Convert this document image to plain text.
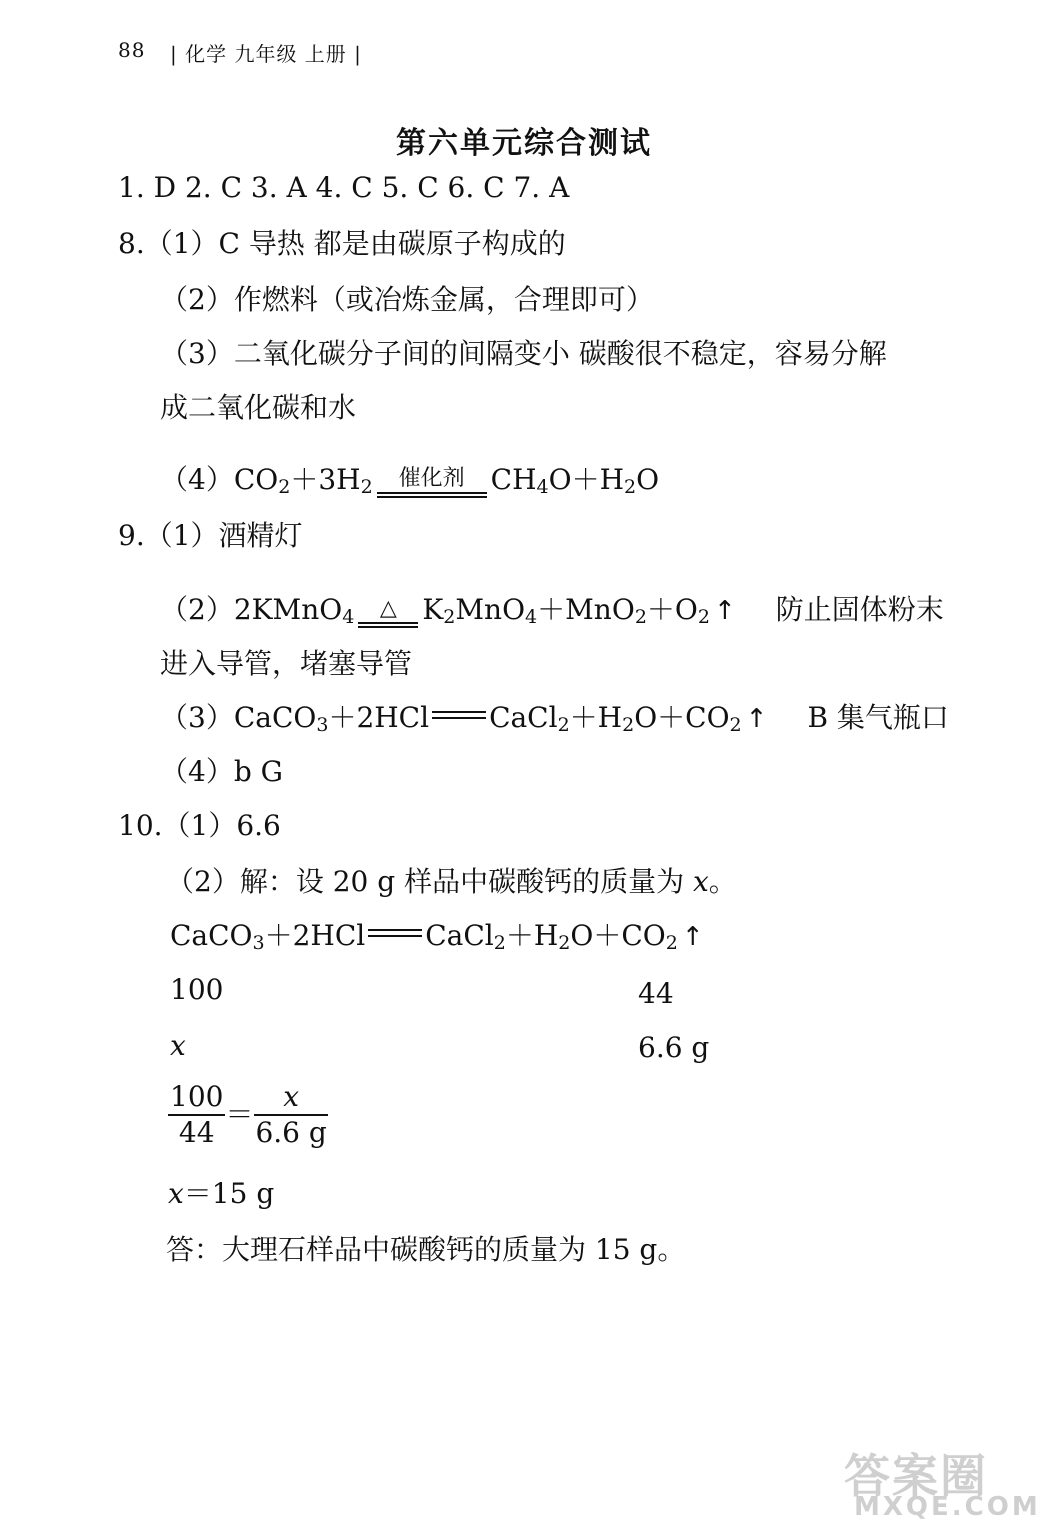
88 | 化学 九年级 上册 |
第六单元综合测试
1. D 2. C 3. A 4. C 5. C 6. C 7. A
8.（1）C 导热 都是由碳原子构成的
（2）作燃料（或冶炼金属，合理即可）
（3）二氧化碳分子间的间隔变小 碳酸很不稳定，容易分解
成二氧化碳和水
$(4)CO_2+3H_2$ 催化剂 $CH_4O+H_2O$
9.（1）酒精灯
（2）2KMnO$_4$ △ $K_2MnO_4+MnO_2+O_2$ ↑ 防止固体粉末
进入导管，堵塞导管
（3）CaCO$_3$＋2HCl $CaCl_2+H_2O+CO_2$ ↑ B 集气瓶口
（4）b G
10.（1）6.6
（2）解：设 20 g 样品中碳酸钙的质量为 x。
CaCO$_3$＋2HCl $CaCl_2+H_2O+CO_2$ ↑
100	44
x	6.6 g
$\frac{100}{44} = \frac{x}{6.6 g}$
x＝15 g
答：大理石样品中碳酸钙的质量为 15 g。
答案圈
MXQE.COM
